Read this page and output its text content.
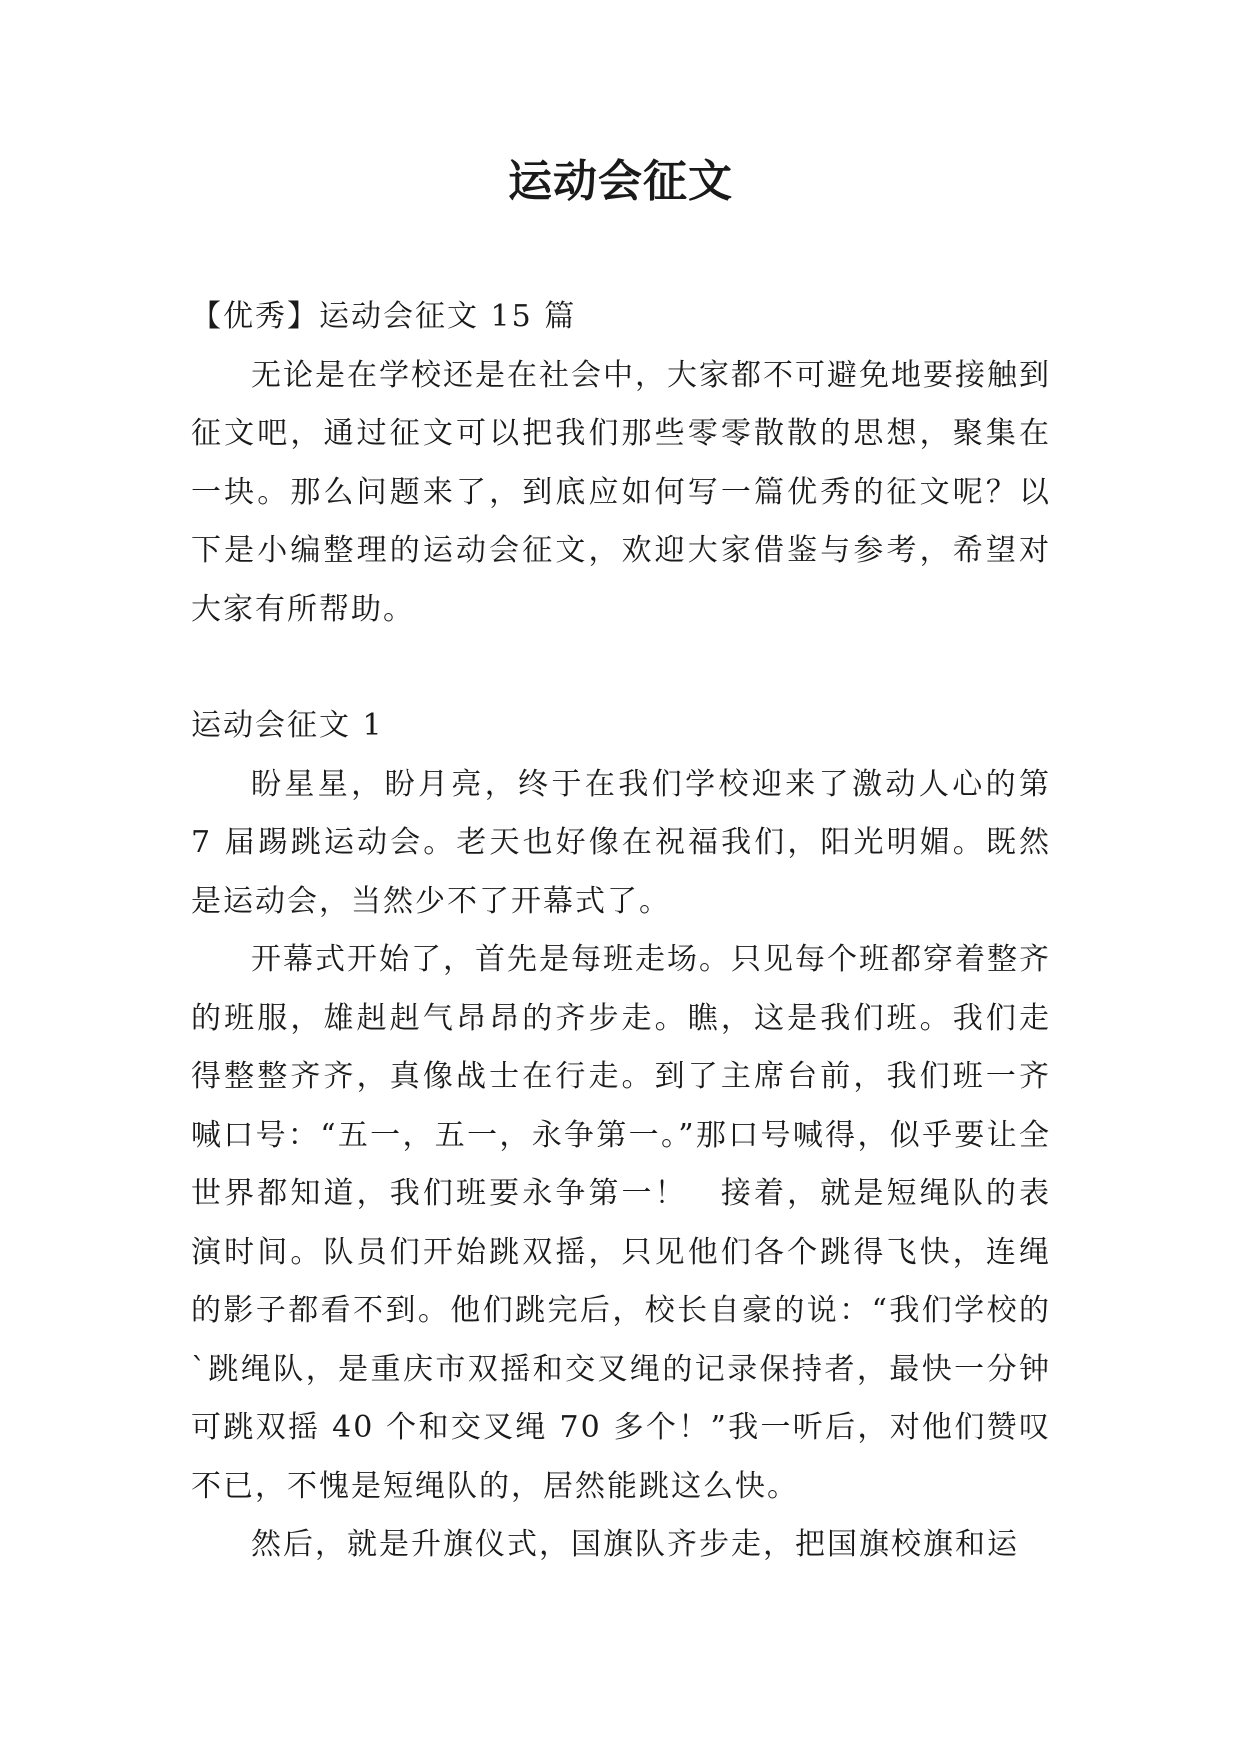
运动会征文

【优秀】运动会征文 15 篇

无论是在学校还是在社会中，大家都不可避免地要接触到征文吧，通过征文可以把我们那些零零散散的思想，聚集在一块。那么问题来了，到底应如何写一篇优秀的征文呢？以下是小编整理的运动会征文，欢迎大家借鉴与参考，希望对大家有所帮助。

运动会征文 1

盼星星，盼月亮，终于在我们学校迎来了激动人心的第 7 届踢跳运动会。老天也好像在祝福我们，阳光明媚。既然是运动会，当然少不了开幕式了。

开幕式开始了，首先是每班走场。只见每个班都穿着整齐的班服，雄赳赳气昂昂的齐步走。瞧，这是我们班。我们走得整整齐齐，真像战士在行走。到了主席台前，我们班一齐喊口号：“五一，五一，永争第一。”那口号喊得，似乎要让全世界都知道，我们班要永争第一！　接着，就是短绳队的表演时间。队员们开始跳双摇，只见他们各个跳得飞快，连绳的影子都看不到。他们跳完后，校长自豪的说：“我们学校的`跳绳队，是重庆市双摇和交叉绳的记录保持者，最快一分钟可跳双摇 40 个和交叉绳 70 多个！”我一听后，对他们赞叹不已，不愧是短绳队的，居然能跳这么快。

然后，就是升旗仪式，国旗队齐步走，把国旗校旗和运
